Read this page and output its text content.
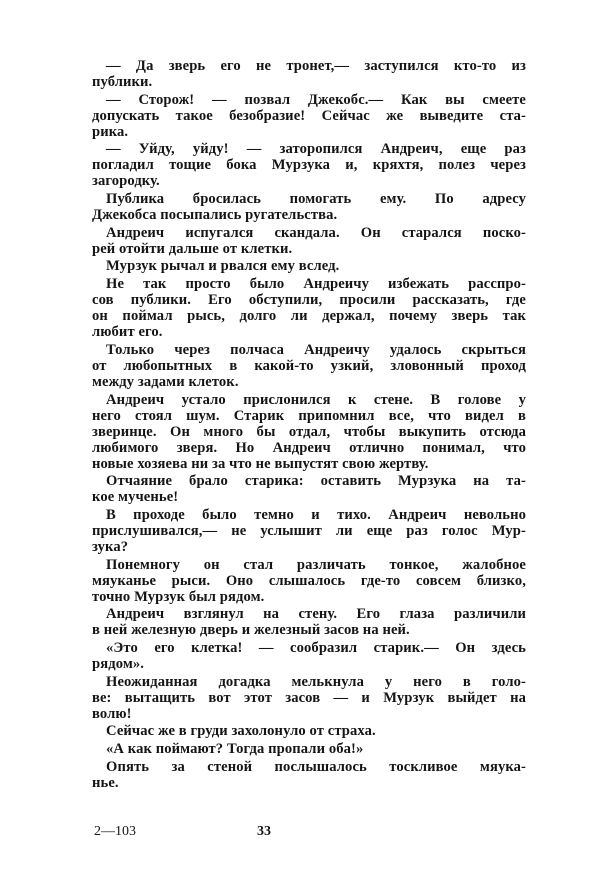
— Да зверь его не тронет,— заступился кто-то из
публики.
— Сторож! — позвал Джекобс.— Как вы смеете
допускать такое безобразие! Сейчас же выведите ста-
рика.
— Уйду, уйду! — заторопился Андреич, еще раз
погладил тощие бока Мурзука и, кряхтя, полез через
загородку.
Публика бросилась помогать ему. По адресу
Джекобса посыпались ругательства.
Андреич испугался скандала. Он старался поско-
рей отойти дальше от клетки.
Мурзук рычал и рвался ему вслед.
Не так просто было Андреичу избежать расспро-
сов публики. Его обступили, просили рассказать, где
он поймал рысь, долго ли держал, почему зверь так
любит его.
Только через полчаса Андреичу удалось скрыться
от любопытных в какой-то узкий, зловонный проход
между задами клеток.
Андреич устало прислонился к стене. В голове у
него стоял шум. Старик припомнил все, что видел в
зверинце. Он много бы отдал, чтобы выкупить отсюда
любимого зверя. Но Андреич отлично понимал, что
новые хозяева ни за что не выпустят свою жертву.
Отчаяние брало старика: оставить Мурзука на та-
кое мученье!
В проходе было темно и тихо. Андреич невольно
прислушивался,— не услышит ли еще раз голос Мур-
зука?
Понемногу он стал различать тонкое, жалобное
мяуканье рыси. Оно слышалось где-то совсем близко,
точно Мурзук был рядом.
Андреич взглянул на стену. Его глаза различили
в ней железную дверь и железный засов на ней.
«Это его клетка! — сообразил старик.— Он здесь
рядом».
Неожиданная догадка мелькнула у него в голо-
ве: вытащить вот этот засов — и Мурзук выйдет на
волю!
Сейчас же в груди захолонуло от страха.
«А как поймают? Тогда пропали оба!»
Опять за стеной послышалось тоскливое мяука-
нье.
2—103	33
